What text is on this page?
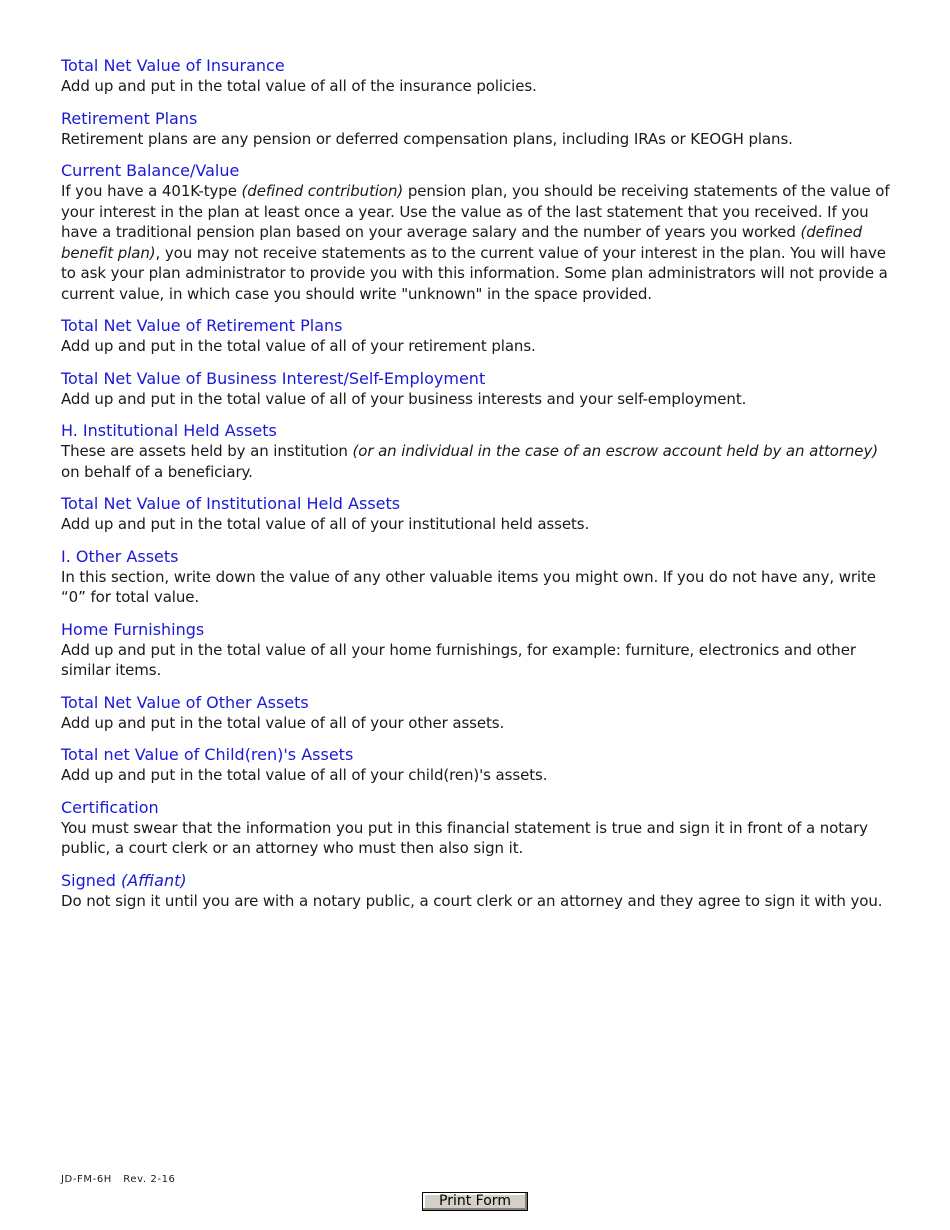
Total Net Value of Insurance

Add up and put in the total value of all of the insurance policies.

Retirement Plans

Retirement plans are any pension or deferred compensation plans, including IRAs or KEOGH plans.

Current Balance/Value

If you have a 401K-type (defined contribution) pension plan, you should be receiving statements of the value of your interest in the plan at least once a year. Use the value as of the last statement that you received. If you have a traditional pension plan based on your average salary and the number of years you worked (defined benefit plan), you may not receive statements as to the current value of your interest in the plan. You will have to ask your plan administrator to provide you with this information. Some plan administrators will not provide a current value, in which case you should write "unknown" in the space provided.

Total Net Value of Retirement Plans

Add up and put in the total value of all of your retirement plans.

Total Net Value of Business Interest/Self-Employment

Add up and put in the total value of all of your business interests and your self-employment.

H. Institutional Held Assets

These are assets held by an institution (or an individual in the case of an escrow account held by an attorney) on behalf of a beneficiary.

Total Net Value of Institutional Held Assets

Add up and put in the total value of all of your institutional held assets.

I. Other Assets

In this section, write down the value of any other valuable items you might own. If you do not have any, write “0” for total value.

Home Furnishings

Add up and put in the total value of all your home furnishings, for example: furniture, electronics and other similar items.

Total Net Value of Other Assets

Add up and put in the total value of all of your other assets.

Total net Value of Child(ren)'s Assets

Add up and put in the total value of all of your child(ren)'s assets.

Certification

You must swear that the information you put in this financial statement is true and sign it in front of a notary public, a court clerk or an attorney who must then also sign it.

Signed (Affiant)

Do not sign it until you are with a notary public, a court clerk or an attorney and they agree to sign it with you.

JD-FM-6H   Rev. 2-16
Print Form
